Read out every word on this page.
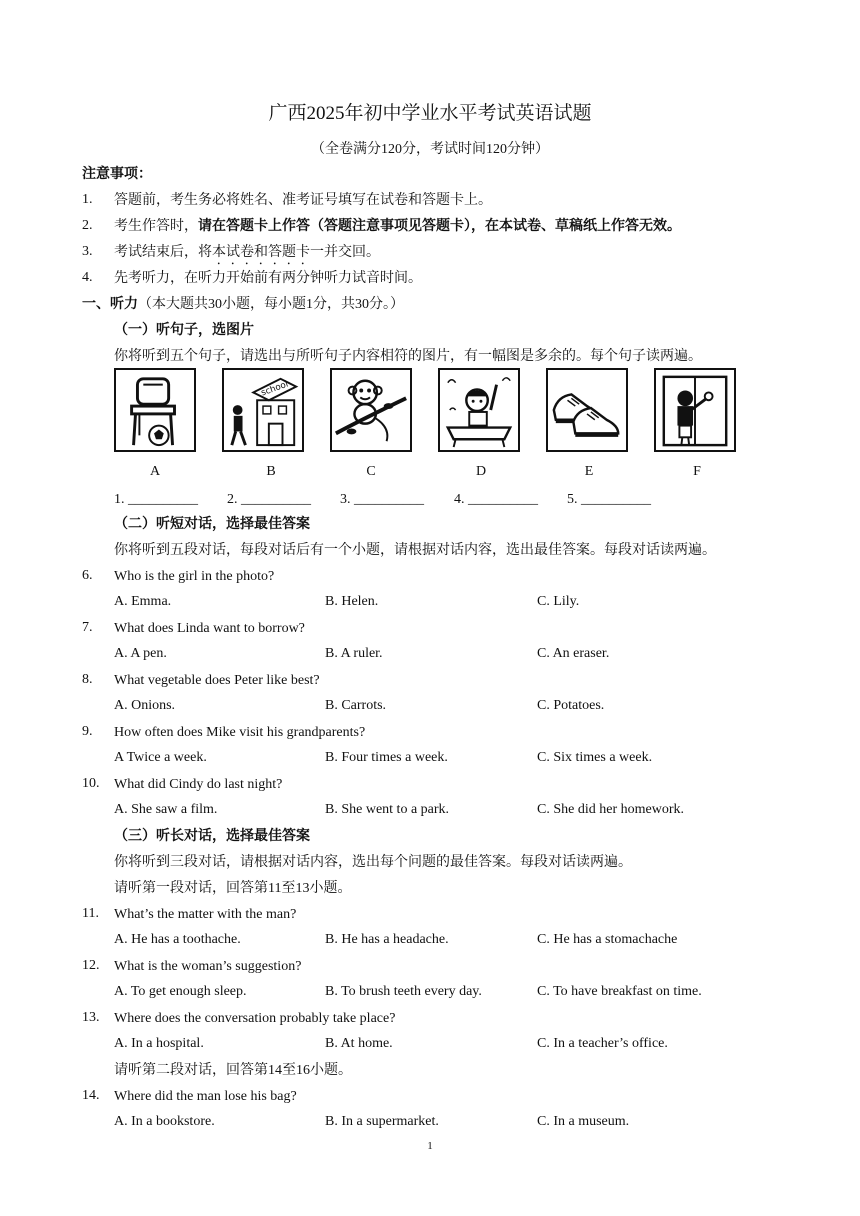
广西2025年初中学业水平考试英语试题
（全卷满分120分，考试时间120分钟）
注意事项：
1. 答题前，考生务必将姓名、准考证号填写在试卷和答题卡上。
2. 考生作答时，请在答题卡上作答（答题注意事项见答题卡），在本试卷、草稿纸上作答无效。
3. 考试结束后，将本试卷和答题卡一并交回。
4. 先考听力，在听力开始前有两分钟听力试音时间。
一、听力（本大题共30小题，每小题1分，共30分。）
（一）听句子，选图片
你将听到五个句子，请选出与所听句子内容相符的图片，有一幅图是多余的。每个句子读两遍。
school
A	B	C	D	E	F
1. __________ 2. __________ 3. __________ 4. __________ 5. __________
（二）听短对话，选择最佳答案
你将听到五段对话，每段对话后有一个小题，请根据对话内容，选出最佳答案。每段对话读两遍。
6. Who is the girl in the photo?
A. Emma.	B. Helen.	C. Lily.
7. What does Linda want to borrow?
A. A pen.	B. A ruler.	C. An eraser.
8. What vegetable does Peter like best?
A. Onions.	B. Carrots.	C. Potatoes.
9. How often does Mike visit his grandparents?
A Twice a week.	B. Four times a week.	C. Six times a week.
10. What did Cindy do last night?
A. She saw a film.	B. She went to a park.	C. She did her homework.
（三）听长对话，选择最佳答案
你将听到三段对话，请根据对话内容，选出每个问题的最佳答案。每段对话读两遍。
请听第一段对话，回答第11至13小题。
11. What’s the matter with the man?
A. He has a toothache.	B. He has a headache.	C. He has a stomachache
12. What is the woman’s suggestion?
A. To get enough sleep.	B. To brush teeth every day.	C. To have breakfast on time.
13. Where does the conversation probably take place?
A. In a hospital.	B. At home.	C. In a teacher’s office.
请听第二段对话，回答第14至16小题。
14. Where did the man lose his bag?
A. In a bookstore.	B. In a supermarket.	C. In a museum.
1
